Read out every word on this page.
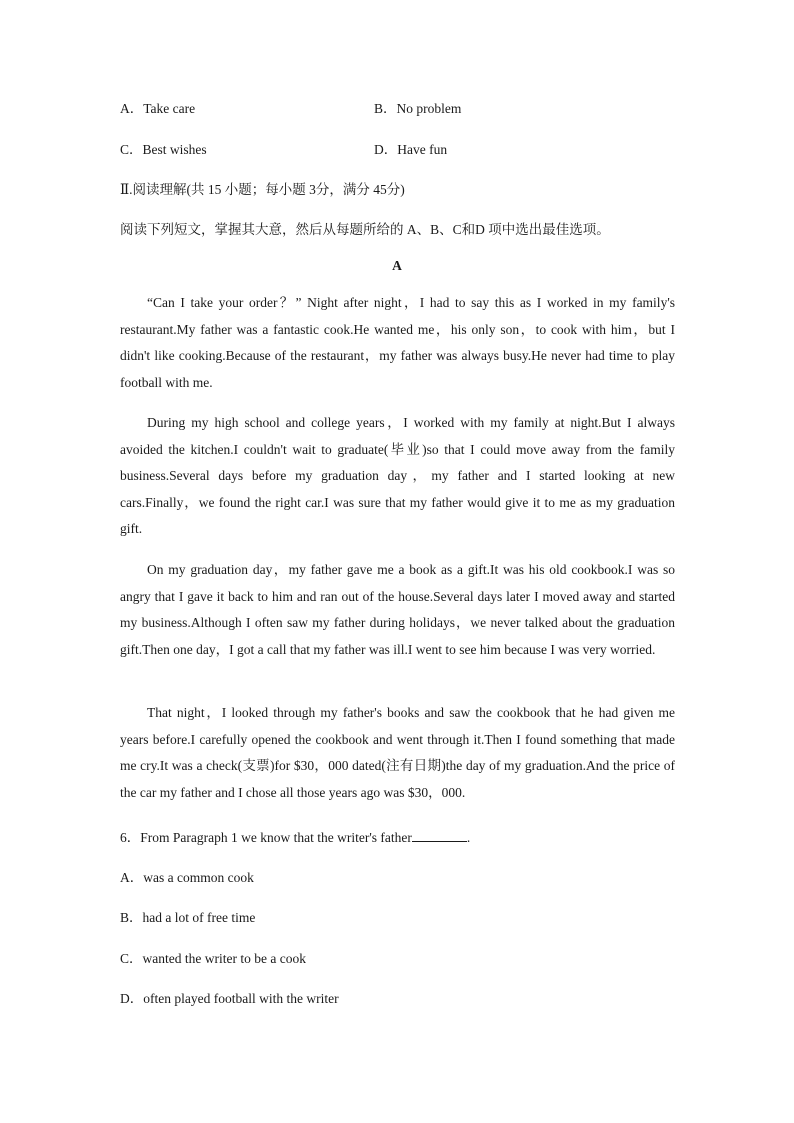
A．Take care	B．No problem
C．Best wishes	D．Have fun
Ⅱ.阅读理解(共 15 小题；每小题 3分，满分 45分)
阅读下列短文，掌握其大意，然后从每题所给的 A、B、C和D 项中选出最佳选项。
A
“Can I take your order？” Night after night，I had to say this as I worked in my family's restaurant.My father was a fantastic cook.He wanted me，his only son，to cook with him，but I didn't like cooking.Because of the restaurant，my father was always busy.He never had time to play football with me.
During my high school and college years，I worked with my family at night.But I always avoided the kitchen.I couldn't wait to graduate(毕业)so that I could move away from the family business.Several days before my graduation day，my father and I started looking at new cars.Finally，we found the right car.I was sure that my father would give it to me as my graduation gift.
On my graduation day，my father gave me a book as a gift.It was his old cookbook.I was so angry that I gave it back to him and ran out of the house.Several days later I moved away and started my business.Although I often saw my father during holidays，we never talked about the graduation gift.Then one day，I got a call that my father was ill.I went to see him because I was very worried.
That night，I looked through my father's books and saw the cookbook that he had given me years before.I carefully opened the cookbook and went through it.Then I found something that made me cry.It was a check(支票)for $30，000 dated(注有日期)the day of my graduation.And the price of the car my father and I chose all those years ago was $30，000.
6．From Paragraph 1 we know that the writer's father	.
A．was a common cook
B．had a lot of free time
C．wanted the writer to be a cook
D．often played football with the writer
